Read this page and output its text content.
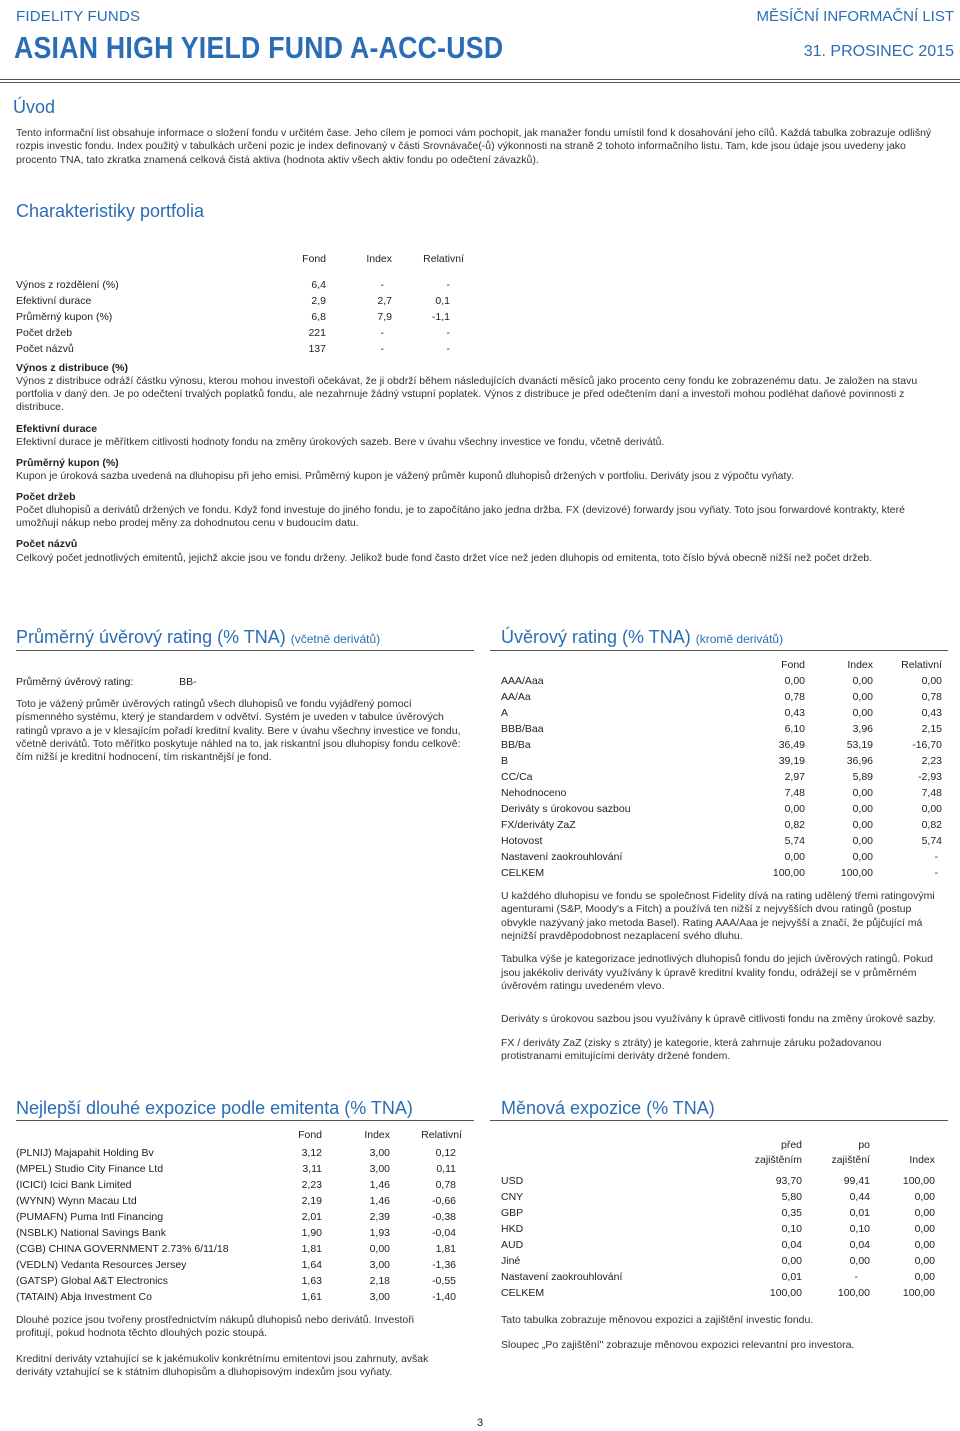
FIDELITY FUNDS
ASIAN HIGH YIELD FUND A-ACC-USD
MĚSÍČNÍ INFORMAČNÍ LIST
31. PROSINEC 2015
Úvod
Tento informační list obsahuje informace o složení fondu v určitém čase. Jeho cílem je pomoci vám pochopit, jak manažer fondu umístil fond k dosahování jeho cílů. Každá tabulka zobrazuje odlišný rozpis investic fondu. Index použitý v tabulkách určení pozic je index definovaný v části Srovnávače(-ů) výkonnosti na straně 2 tohoto informačního listu. Tam, kde jsou údaje jsou uvedeny jako procento TNA, tato zkratka znamená celková čistá aktiva (hodnota aktiv všech aktiv fondu po odečtení závazků).
Charakteristiky portfolia
	Fond	Index	Relativní

Výnos z rozdělení (%)	6,4	-	-
Efektivní durace	2,9	2,7	0,1
Průměrný kupon (%)	6,8	7,9	-1,1
Počet držeb	221	-	-
Počet názvů	137	-	-
Výnos z distribuce (%)
Výnos z distribuce odráží částku výnosu, kterou mohou investoři očekávat, že ji obdrží během následujících dvanácti měsíců jako procento ceny fondu ke zobrazenému datu. Je založen na stavu portfolia v daný den. Je po odečtení trvalých poplatků fondu, ale nezahrnuje žádný vstupní poplatek. Výnos z distribuce je před odečtením daní a investoři mohou podléhat daňové povinnosti z distribuce.
Efektivní durace
Efektivní durace je měřítkem citlivosti hodnoty fondu na změny úrokových sazeb. Bere v úvahu všechny investice ve fondu, včetně derivátů.
Průměrný kupon (%)
Kupon je úroková sazba uvedená na dluhopisu při jeho emisi. Průměrný kupon je vážený průměr kuponů dluhopisů držených v portfoliu. Deriváty jsou z výpočtu vyňaty.
Počet držeb
Počet dluhopisů a derivátů držených ve fondu. Když fond investuje do jiného fondu, je to započítáno jako jedna držba. FX (devizové) forwardy jsou vyňaty. Toto jsou forwardové kontrakty, které umožňují nákup nebo prodej měny za dohodnutou cenu v budoucím datu.
Počet názvů
Celkový počet jednotlivých emitentů, jejichž akcie jsou ve fondu drženy. Jelikož bude fond často držet více než jeden dluhopis od emitenta, toto číslo bývá obecně nižší než počet držeb.
Průměrný úvěrový rating (% TNA) (včetně derivátů)
Průměrný úvěrový rating:	BB-
Toto je vážený průměr úvěrových ratingů všech dluhopisů ve fondu vyjádřený pomocí písmenného systému, který je standardem v odvětví. Systém je uveden v tabulce úvěrových ratingů vpravo a je v klesajícím pořadí kreditní kvality. Bere v úvahu všechny investice ve fondu, včetně derivátů. Toto měřítko poskytuje náhled na to, jak riskantní jsou dluhopisy fondu celkově: čím nižší je kreditní hodnocení, tím riskantnější je fond.
Úvěrový rating (% TNA) (kromě derivátů)
	Fond	Index	Relativní
AAA/Aaa	0,00	0,00	0,00
AA/Aa	0,78	0,00	0,78
A	0,43	0,00	0,43
BBB/Baa	6,10	3,96	2,15
BB/Ba	36,49	53,19	-16,70
B	39,19	36,96	2,23
CC/Ca	2,97	5,89	-2,93
Nehodnoceno	7,48	0,00	7,48
Deriváty s úrokovou sazbou	0,00	0,00	0,00
FX/deriváty ZaZ	0,82	0,00	0,82
Hotovost	5,74	0,00	5,74
Nastavení zaokrouhlování	0,00	0,00	-
CELKEM	100,00	100,00	-
U každého dluhopisu ve fondu se společnost Fidelity dívá na rating udělený třemi ratingovými agenturami (S&P, Moody's a Fitch) a používá ten nižší z nejvyšších dvou ratingů (postup obvykle nazývaný jako metoda Basel). Rating AAA/Aaa je nejvyšší a značí, že půjčující má nejnižší pravděpodobnost nezaplacení svého dluhu.
Tabulka výše je kategorizace jednotlivých dluhopisů fondu do jejich úvěrových ratingů. Pokud jsou jakékoliv deriváty využívány k úpravě kreditní kvality fondu, odrážejí se v průměrném úvěrovém ratingu uvedeném vlevo.
Deriváty s úrokovou sazbou jsou využívány k úpravě citlivosti fondu na změny úrokové sazby.
FX / deriváty ZaZ (zisky s ztráty) je kategorie, která zahrnuje záruku požadovanou protistranami emitujícími deriváty držené fondem.
Nejlepší dlouhé expozice podle emitenta (% TNA)
	Fond	Index	Relativní
(PLNIJ) Majapahit Holding Bv	3,12	3,00	0,12
(MPEL) Studio City Finance Ltd	3,11	3,00	0,11
(ICICI) Icici Bank Limited	2,23	1,46	0,78
(WYNN) Wynn Macau Ltd	2,19	1,46	-0,66
(PUMAFN) Puma Intl Financing	2,01	2,39	-0,38
(NSBLK) National Savings Bank	1,90	1,93	-0,04
(CGB) CHINA GOVERNMENT 2.73% 6/11/18	1,81	0,00	1,81
(VEDLN) Vedanta Resources Jersey	1,64	3,00	-1,36
(GATSP) Global A&T Electronics	1,63	2,18	-0,55
(TATAIN) Abja Investment Co	1,61	3,00	-1,40
Dlouhé pozice jsou tvořeny prostřednictvím nákupů dluhopisů nebo derivátů. Investoři profitují, pokud hodnota těchto dlouhých pozic stoupá.
Kreditní deriváty vztahující se k jakémukoliv konkrétnímu emitentovi jsou zahrnuty, avšak deriváty vztahující se k státním dluhopisům a dluhopisovým indexům jsou vyňaty.
Měnová expozice (% TNA)
	před	po	
	zajištěním	zajištění	Index
USD	93,70	99,41	100,00
CNY	5,80	0,44	0,00
GBP	0,35	0,01	0,00
HKD	0,10	0,10	0,00
AUD	0,04	0,04	0,00
Jiné	0,00	0,00	0,00
Nastavení zaokrouhlování	0,01	-	0,00
CELKEM	100,00	100,00	100,00
Tato tabulka zobrazuje měnovou expozici a zajištění investic fondu.
Sloupec „Po zajištění" zobrazuje měnovou expozici relevantní pro investora.
3
